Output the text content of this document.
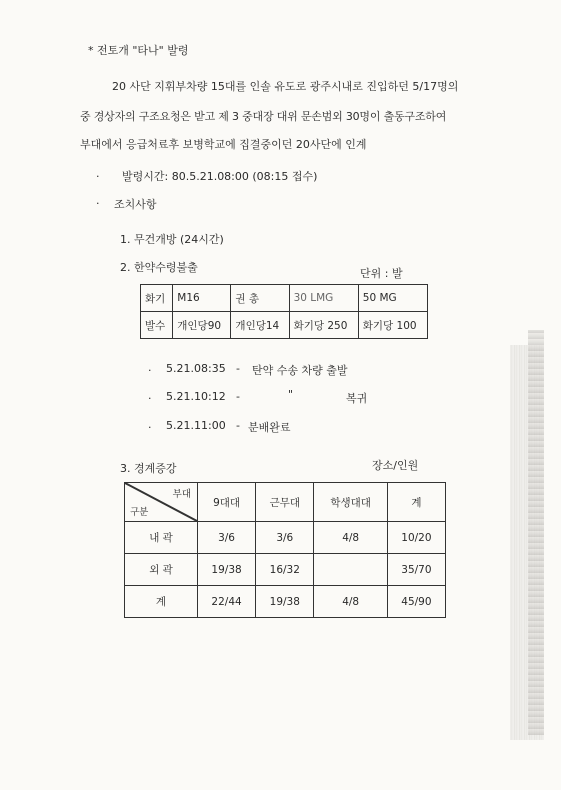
* 전토개 "타나" 발령
20 사단 지휘부차량 15대를 인솔 유도로 광주시내로 진입하던 5/17명의
중 경상자의 구조요청은 받고 제 3 중대장 대위 문손범외 30명이 출동구조하여
부대에서 응급처료후 보병학교에 집결중이던 20사단에 인계
· 발령시간: 80.5.21.08:00 (08:15 접수)
· 조치사항
1. 무건개방 (24시간)
2. 한약수령불출	단위 : 발
화기	M16	권 총	30 LMG	50 MG
발수	개인당90	개인당14	화기당 250	화기당 100
· 5.21.08:35 - 탄약 수송 차량 출발
· 5.21.10:12 -	"	복귀
· 5.21.11:00 - 분배완료
3. 경계증강	장소/인원
부대
구분	9대대	근무대	학생대대	계
내 곽	3/6	3/6	4/8	10/20
외 곽	19/38	16/32		35/70
계	22/44	19/38	4/8	45/90
